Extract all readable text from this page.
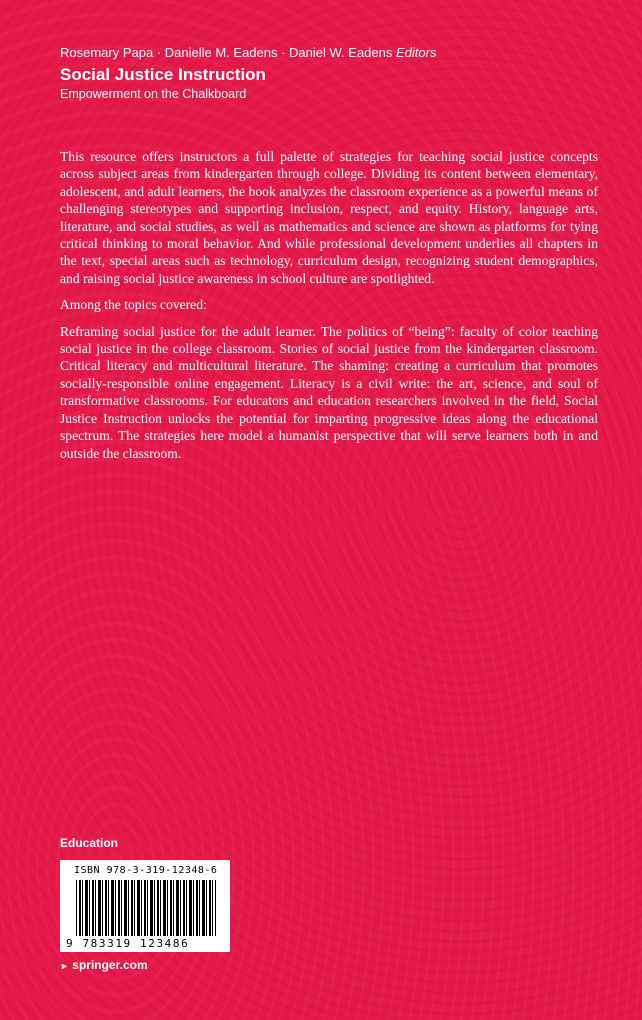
Rosemary Papa · Danielle M. Eadens · Daniel W. Eadens Editors
Social Justice Instruction
Empowerment on the Chalkboard

This resource offers instructors a full palette of strategies for teaching social justice concepts across subject areas from kindergarten through college. Dividing its content between elementary, adolescent, and adult learners, the book analyzes the classroom experience as a powerful means of challenging stereotypes and supporting inclusion, respect, and equity. History, language arts, literature, and social studies, as well as mathematics and science are shown as platforms for tying critical thinking to moral behavior. And while professional development underlies all chapters in the text, special areas such as technology, curriculum design, recognizing student demographics, and raising social justice awareness in school culture are spotlighted.

Among the topics covered:

Reframing social justice for the adult learner. The politics of “being”: faculty of color teaching social justice in the college classroom. Stories of social justice from the kindergarten classroom. Critical literacy and multicultural literature. The shaming: creating a curriculum that promotes socially-responsible online engagement. Literacy is a civil write: the art, science, and soul of transformative classrooms. For educators and education researchers involved in the field, Social Justice Instruction unlocks the potential for imparting progressive ideas along the educational spectrum. The strategies here model a humanist perspective that will serve learners both in and outside the classroom.

Education
ISBN 978-3-319-12348-6
9 783319 123486
► springer.com
